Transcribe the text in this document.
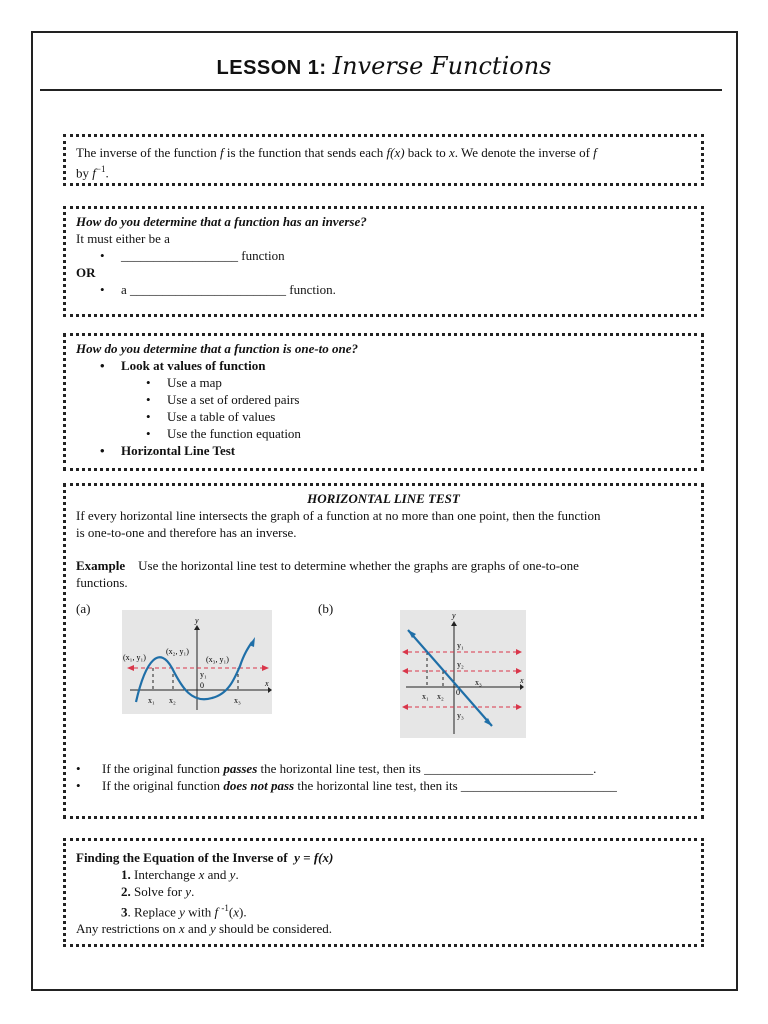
LESSON 1: Inverse Functions
The inverse of the function f is the function that sends each f(x) back to x. We denote the inverse of f
by $f^{-1}$.
How do you determine that a function has an inverse?
It must either be a
• __________________ function
OR
• a ________________________ function.
How do you determine that a function is one-to one?
• Look at values of function
• Use a map
• Use a set of ordered pairs
• Use a table of values
• Use the function equation
• Horizontal Line Test
HORIZONTAL LINE TEST
If every horizontal line intersects the graph of a function at no more than one point, then the function
is one-to-one and therefore has an inverse.
Example Use the horizontal line test to determine whether the graphs are graphs of one-to-one
functions.
(a)	(b)
y
x
0
(x₁, y₁)
(x₂, y₁)
(x₃, y₁)
y₁
x₁ x₂	x₃
y
x
0
y₁
y₂
y₃
x₁ x₂
x₃
• If the original function passes the horizontal line test, then its __________________________.
• If the original function does not pass the horizontal line test, then its ________________________
Finding the Equation of the Inverse of  y = f(x)
1. Interchange x and y.
2. Solve for y.
3. Replace y with f $^{-1}$(x).
Any restrictions on x and y should be considered.
